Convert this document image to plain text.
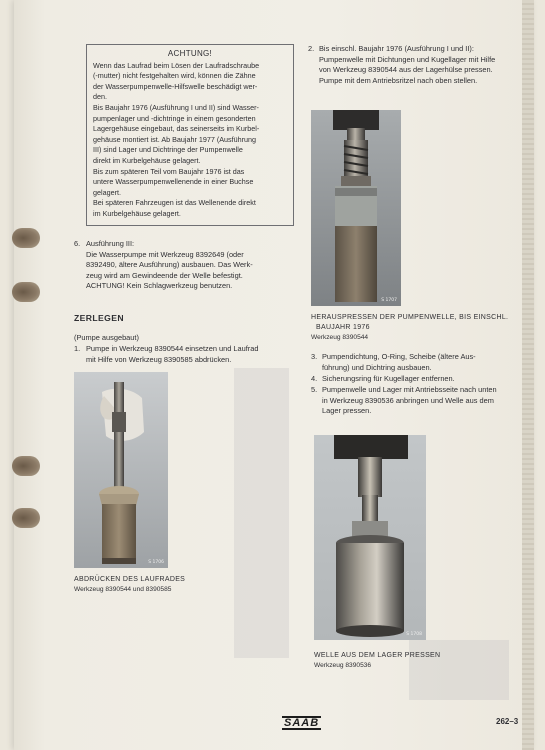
ACHTUNG!

Wenn das Laufrad beim Lösen der Laufradschraube

(-mutter) nicht festgehalten wird, können die Zähne

der Wasserpumpenwelle-Hilfswelle beschädigt wer-

den.

Bis Baujahr 1976 (Ausführung I und II) sind Wasser-

pumpenlager und -dichtringe in einem gesonderten

Lagergehäuse eingebaut, das seinerseits im Kurbel-

gehäuse montiert ist. Ab Baujahr 1977 (Ausführung

III) sind Lager und Dichtringe der Pumpenwelle

direkt im Kurbelgehäuse gelagert.

Bis zum späteren Teil vom Baujahr 1976 ist das

untere Wasserpumpenwellenende in einer Buchse

gelagert.

Bei späteren Fahrzeugen ist das Wellenende direkt

im Kurbelgehäuse gelagert.

6. Ausführung III:

Die Wasserpumpe mit Werkzeug 8392649 (oder

8392490, ältere Ausführung) ausbauen. Das Werk-

zeug wird am Gewindeende der Welle befestigt.

ACHTUNG! Kein Schlagwerkzeug benutzen.

ZERLEGEN
(Pumpe ausgebaut)
1. Pumpe in Werkzeug 8390544 einsetzen und Laufrad

mit Hilfe von Werkzeug 8390585 abdrücken.

S 1706
ABDRÜCKEN DES LAUFRADES
Werkzeug 8390544 und 8390585
2. Bis einschl. Baujahr 1976 (Ausführung I und II):

Pumpenwelle mit Dichtungen und Kugellager mit Hilfe

von Werkzeug 8390544 aus der Lagerhülse pressen.

Pumpe mit dem Antriebsritzel nach oben stellen.

S 1707
HERAUSPRESSEN DER PUMPENWELLE, BIS EINSCHL.
BAUJAHR 1976
Werkzeug 8390544
3. Pumpendichtung, O-Ring, Scheibe (ältere Aus-

führung) und Dichtring ausbauen.

4. Sicherungsring für Kugellager entfernen.

5. Pumpenwelle und Lager mit Antriebsseite nach unten

in Werkzeug 8390536 anbringen und Welle aus dem

Lager pressen.

S 1708
WELLE AUS DEM LAGER PRESSEN
Werkzeug 8390536
SAAB	262–3
